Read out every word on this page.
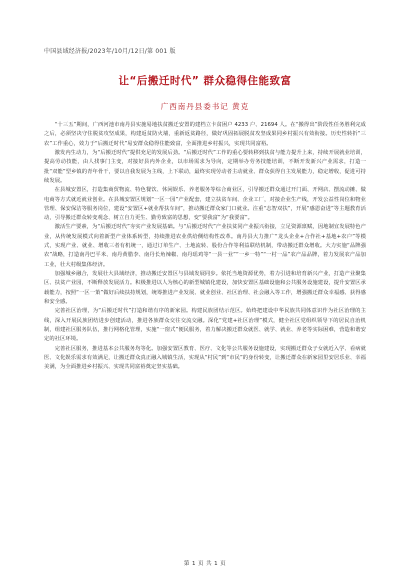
中国县域经济报/2023年/10月/12日/第 001 版
让“后搬迁时代” 群众稳得住能致富
广西南丹县委书记 黄克

“十三五”期间，广西河池市南丹县实施易地扶贫搬迁安置的建档立卡贫困户 4233 户、21694 人。在“搬得出”阶段性任务胜利完成之后，必须坚决守住脱贫攻坚成果，构建返贫防火墙，重新返贫路径，做好巩固拓展脱贫攻坚成果同乡村振兴有效衔接。历史性转折“三农”工作重心，效力于“后搬迁时代”易安群众稳得住能致富，全面推进乡村振兴，实现共同富裕。

激发内生动力，为“后搬迁时代”提供充足的发展后劲。“后搬迁时代”工作的重心要转移到扶贫与能力提升上来，持续开展就业培训，提高劳动技能，由人找事门主变，对接好县内外企业，以市场需求为导向，定期举办劳务技能培训，不断开发新兴产业需求，打造一批“双能”型乡镇的青年骨干，要以自我发展为主线，上下联动，最终实现劳动者主动就业、群众获得自主发展能力，稳定增收，促进可持续发展。

在县城安置区，打造集商贸物流、特色餐饮、休闲娱乐、养老服务等综合商业区，引导搬迁群众通过开门面、开网店、摆流动摊、做电商等方式就近就业创业。在县城安置区规划“一区一园”产业配套，建立扶贫车间、企业工厂，对接企业生产线，开发公益性岗位和物业管理、保安保洁等服务岗位，建设“安置区+就业帮扶车间”，推动搬迁群众家门口就业。注重“志智双扶”，开展“感恩奋进”等主题教育活动，引导搬迁群众转变观念、树立自力更生、勤劳致富的思想，变“要我富”为“我要富”。

激活生产要素，为“后搬迁时代”夯实产业发展基础。与“后搬迁时代”产业扶贫同产业振兴衔接，立足资源禀赋，因地制宜发展特色产业，从传统发展模式向着新型产业体系转型，持续推进农业供给侧结构性改革。南丹县大力推广“龙头企业+合作社+基地+农户”等模式，实现产业、就业、增收三者有机统一，通过订单生产、土地流转、股份合作等利益联结机制，带动搬迁群众增收。大力实施“品牌强农”战略，打造南丹巴平米、南丹黄腊李、南丹长角辣椒、南丹瑶鸡等“一县一业”“一乡一特”“一村一品”农产品品牌，着力发展农产品加工业，壮大村级集体经济。

加强城乡融合，发展壮大县域经济，推动搬迁安置区与县域发展同步。依托当地资源优势，着力引进和培育新兴产业，打造产业聚集区、扶贫产业园，不断释放发展活力。积极推进以人为核心的新型城镇化建设，加快安置区基础设施和公共服务设施建设，提升安置区承载能力，按照“一区一策”做好后续扶持规划，统筹推进产业发展、就业创业、社区治理、社会融入等工作，增强搬迁群众幸福感、获得感和安全感。

完善社区治理，为“后搬迁时代”打造和谐有序的新家园。构建民族团结示范区。始终把建设中华民族共同体意识作为社区治理的主线，深入开展民族团结进步创建活动，推进各族群众交往交流交融。深化“党建+社区治理”模式，健全社区党组织领导下的居民自治机制，组建社区服务队伍，推行网格化管理，实施“一窗式”便民服务，着力解决搬迁群众就医、就学、就业、养老等实际困难，营造和谐安定的社区环境。

完善社区服务，推进基本公共服务均等化。加强安置区教育、医疗、文化等公共服务设施建设，实现搬迁群众子女就近入学、看病就医、文化娱乐需求有效满足，让搬迁群众真正融入城镇生活，实现从“村民”到“市民”的身份转变，让搬迁群众在新家园里安居乐业、幸福美满，为全面推进乡村振兴、实现共同富裕奠定坚实基础。

第 1 页 共 1 页
